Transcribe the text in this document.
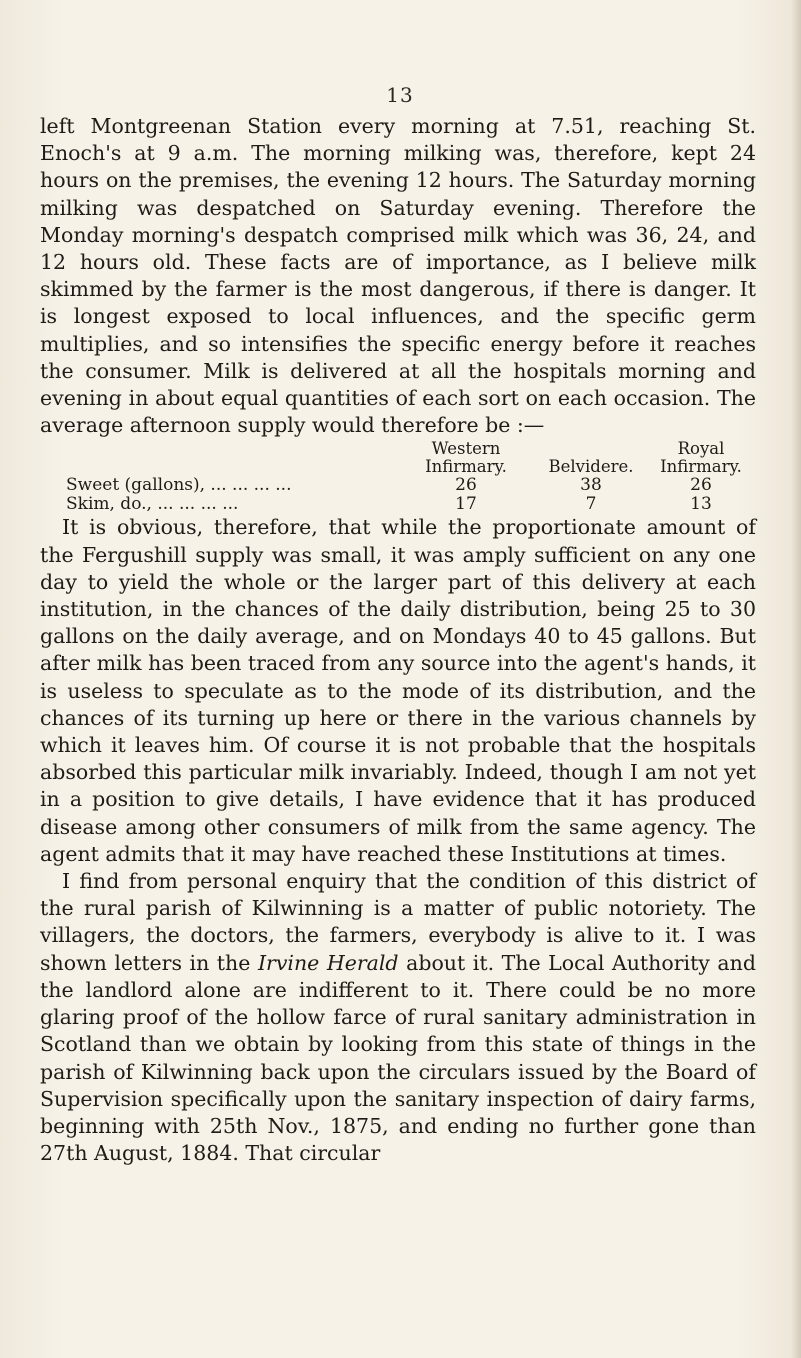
13

left Montgreenan Station every morning at 7.51, reaching St. Enoch's at 9 a.m. The morning milking was, therefore, kept 24 hours on the premises, the evening 12 hours. The Saturday morning milking was despatched on Saturday evening. Therefore the Monday morning's despatch comprised milk which was 36, 24, and 12 hours old. These facts are of importance, as I believe milk skimmed by the farmer is the most dangerous, if there is danger. It is longest exposed to local influences, and the specific germ multiplies, and so intensifies the specific energy before it reaches the consumer. Milk is delivered at all the hospitals morning and evening in about equal quantities of each sort on each occasion. The average afternoon supply would therefore be :—

	Western		Royal
	Infirmary.	Belvidere.	Infirmary.
Sweet (gallons), ... ... ... ...	26	38	26
Skim, do., ... ... ... ...	17	7	13

It is obvious, therefore, that while the proportionate amount of the Fergushill supply was small, it was amply sufficient on any one day to yield the whole or the larger part of this delivery at each institution, in the chances of the daily distribution, being 25 to 30 gallons on the daily average, and on Mondays 40 to 45 gallons. But after milk has been traced from any source into the agent's hands, it is useless to speculate as to the mode of its distribution, and the chances of its turning up here or there in the various channels by which it leaves him. Of course it is not probable that the hospitals absorbed this particular milk invariably. Indeed, though I am not yet in a position to give details, I have evidence that it has produced disease among other consumers of milk from the same agency. The agent admits that it may have reached these Institutions at times.

I find from personal enquiry that the condition of this district of the rural parish of Kilwinning is a matter of public notoriety. The villagers, the doctors, the farmers, everybody is alive to it. I was shown letters in the Irvine Herald about it. The Local Authority and the landlord alone are indifferent to it. There could be no more glaring proof of the hollow farce of rural sanitary administration in Scotland than we obtain by looking from this state of things in the parish of Kilwinning back upon the circulars issued by the Board of Supervision specifically upon the sanitary inspection of dairy farms, beginning with 25th Nov., 1875, and ending no further gone than 27th August, 1884. That circular
